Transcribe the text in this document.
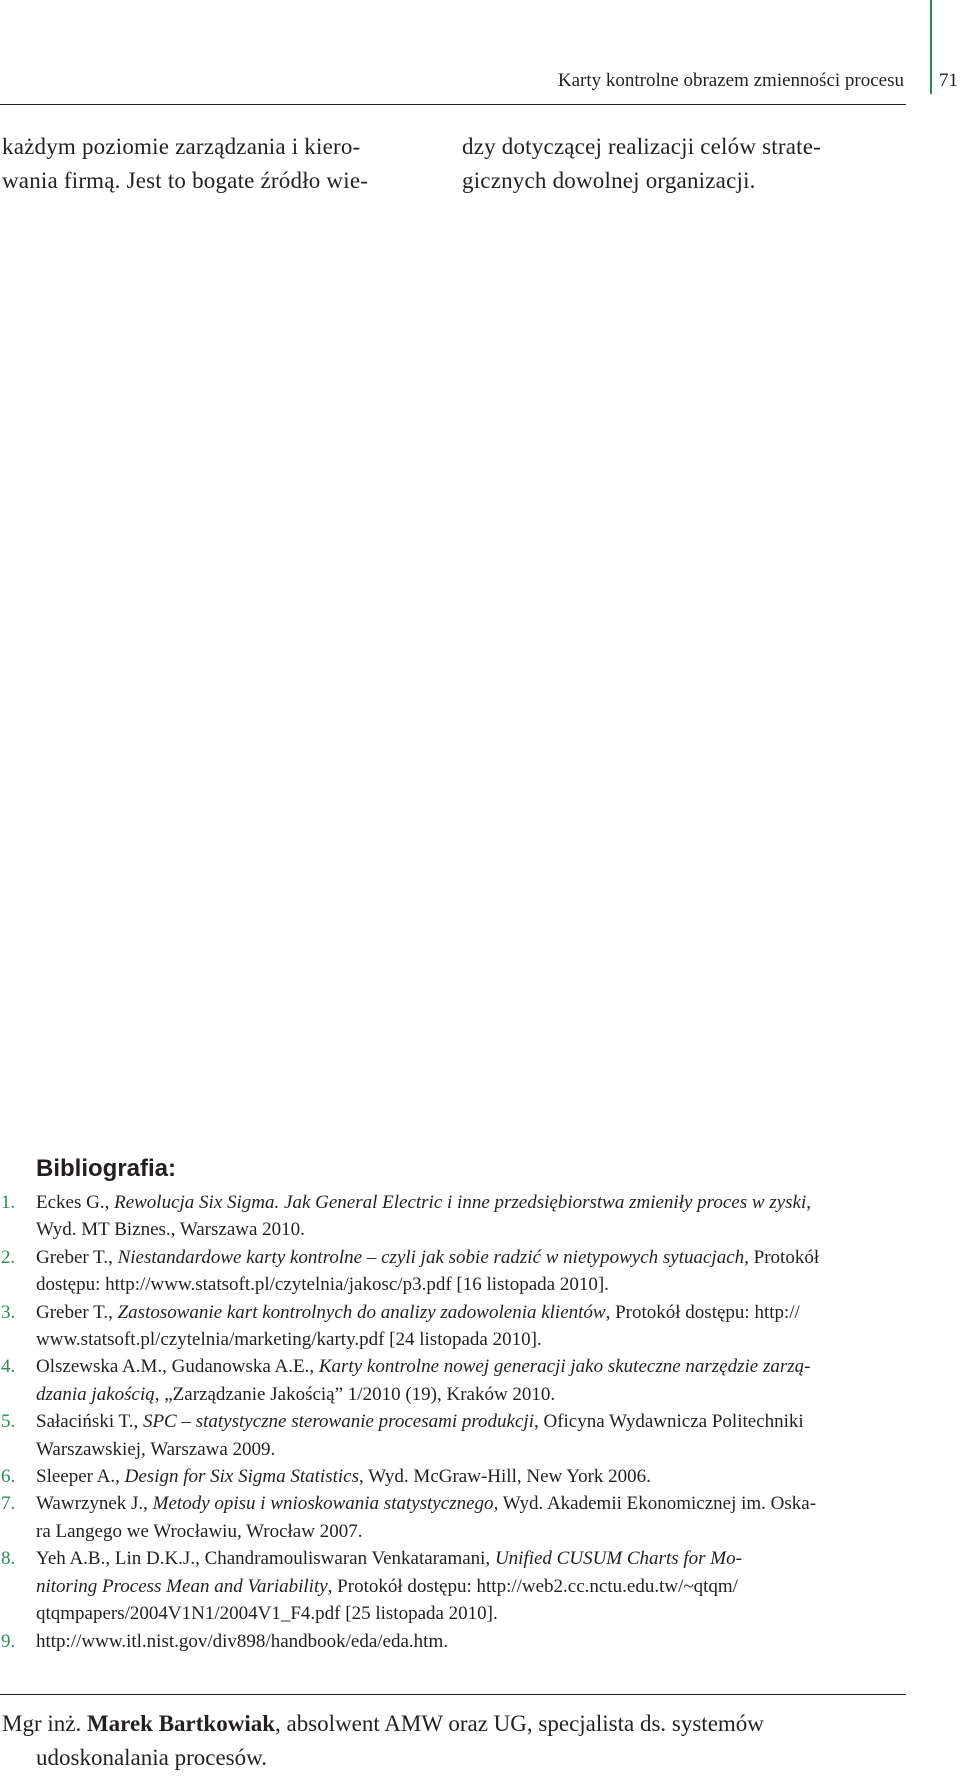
Karty kontrolne obrazem zmienności procesu 71
każdym poziomie zarządzania i kiero-
wania firmą. Jest to bogate źródło wie-
dzy dotyczącej realizacji celów strate-
gicznych dowolnej organizacji.
Bibliografia:
1. Eckes G., Rewolucja Six Sigma. Jak General Electric i inne przedsiębiorstwa zmieniły proces w zyski,
Wyd. MT Biznes., Warszawa 2010.
2. Greber T., Niestandardowe karty kontrolne – czyli jak sobie radzić w nietypowych sytuacjach, Protokół
dostępu: http://www.statsoft.pl/czytelnia/jakosc/p3.pdf [16 listopada 2010].
3. Greber T., Zastosowanie kart kontrolnych do analizy zadowolenia klientów, Protokół dostępu: http://
www.statsoft.pl/czytelnia/marketing/karty.pdf [24 listopada 2010].
4. Olszewska A.M., Gudanowska A.E., Karty kontrolne nowej generacji jako skuteczne narzędzie zarzą-
dzania jakością, „Zarządzanie Jakością” 1/2010 (19), Kraków 2010.
5. Sałaciński T., SPC – statystyczne sterowanie procesami produkcji, Oficyna Wydawnicza Politechniki
Warszawskiej, Warszawa 2009.
6. Sleeper A., Design for Six Sigma Statistics, Wyd. McGraw-Hill, New York 2006.
7. Wawrzynek J., Metody opisu i wnioskowania statystycznego, Wyd. Akademii Ekonomicznej im. Oska-
ra Langego we Wrocławiu, Wrocław 2007.
8. Yeh A.B., Lin D.K.J., Chandramouliswaran Venkataramani, Unified CUSUM Charts for Mo-
nitoring Process Mean and Variability, Protokół dostępu: http://web2.cc.nctu.edu.tw/~qtqm/
qtqmpapers/2004V1N1/2004V1_F4.pdf [25 listopada 2010].
9. http://www.itl.nist.gov/div898/handbook/eda/eda.htm.
Mgr inż. Marek Bartkowiak, absolwent AMW oraz UG, specjalista ds. systemów
udoskonalania procesów.
